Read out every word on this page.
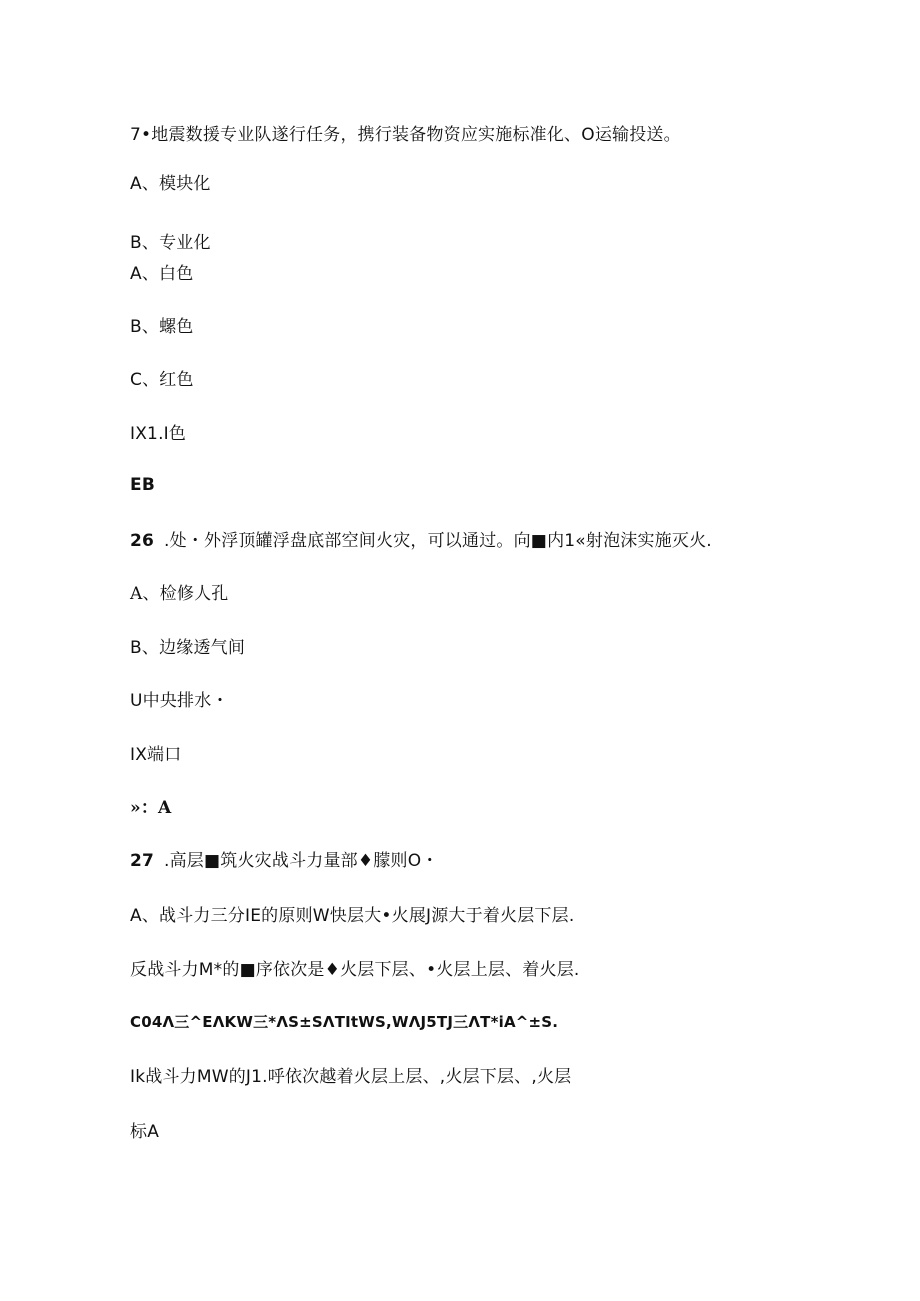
7•地震数援专业队遂行任务，携行装备物资应实施标准化、O运输投送。
A、模块化
B、专业化
A、白色
B、螺色
C、红色
IX1.I色
EB
26 .处・外浮顶罐浮盘底部空间火灾，可以通过。向■内1«射泡沫实施灭火.
A、检修人孔
B、边缘透气间
U中央排水・
IX端口
»：A
27 .高层■筑火灾战斗力量部♦朦则O・
A、战斗力三分IE的原则W快层大•火展J源大于着火层下层.
反战斗力M*的■序依次是♦火层下层、•火层上层、着火层.
C04Λ三^EΛKW三*ΛS±SΛTItWS,WΛJ5TJ三ΛT*iA^±S.
Ik战斗力MW的J1.呼依次越着火层上层、,火层下层、,火层
标A
